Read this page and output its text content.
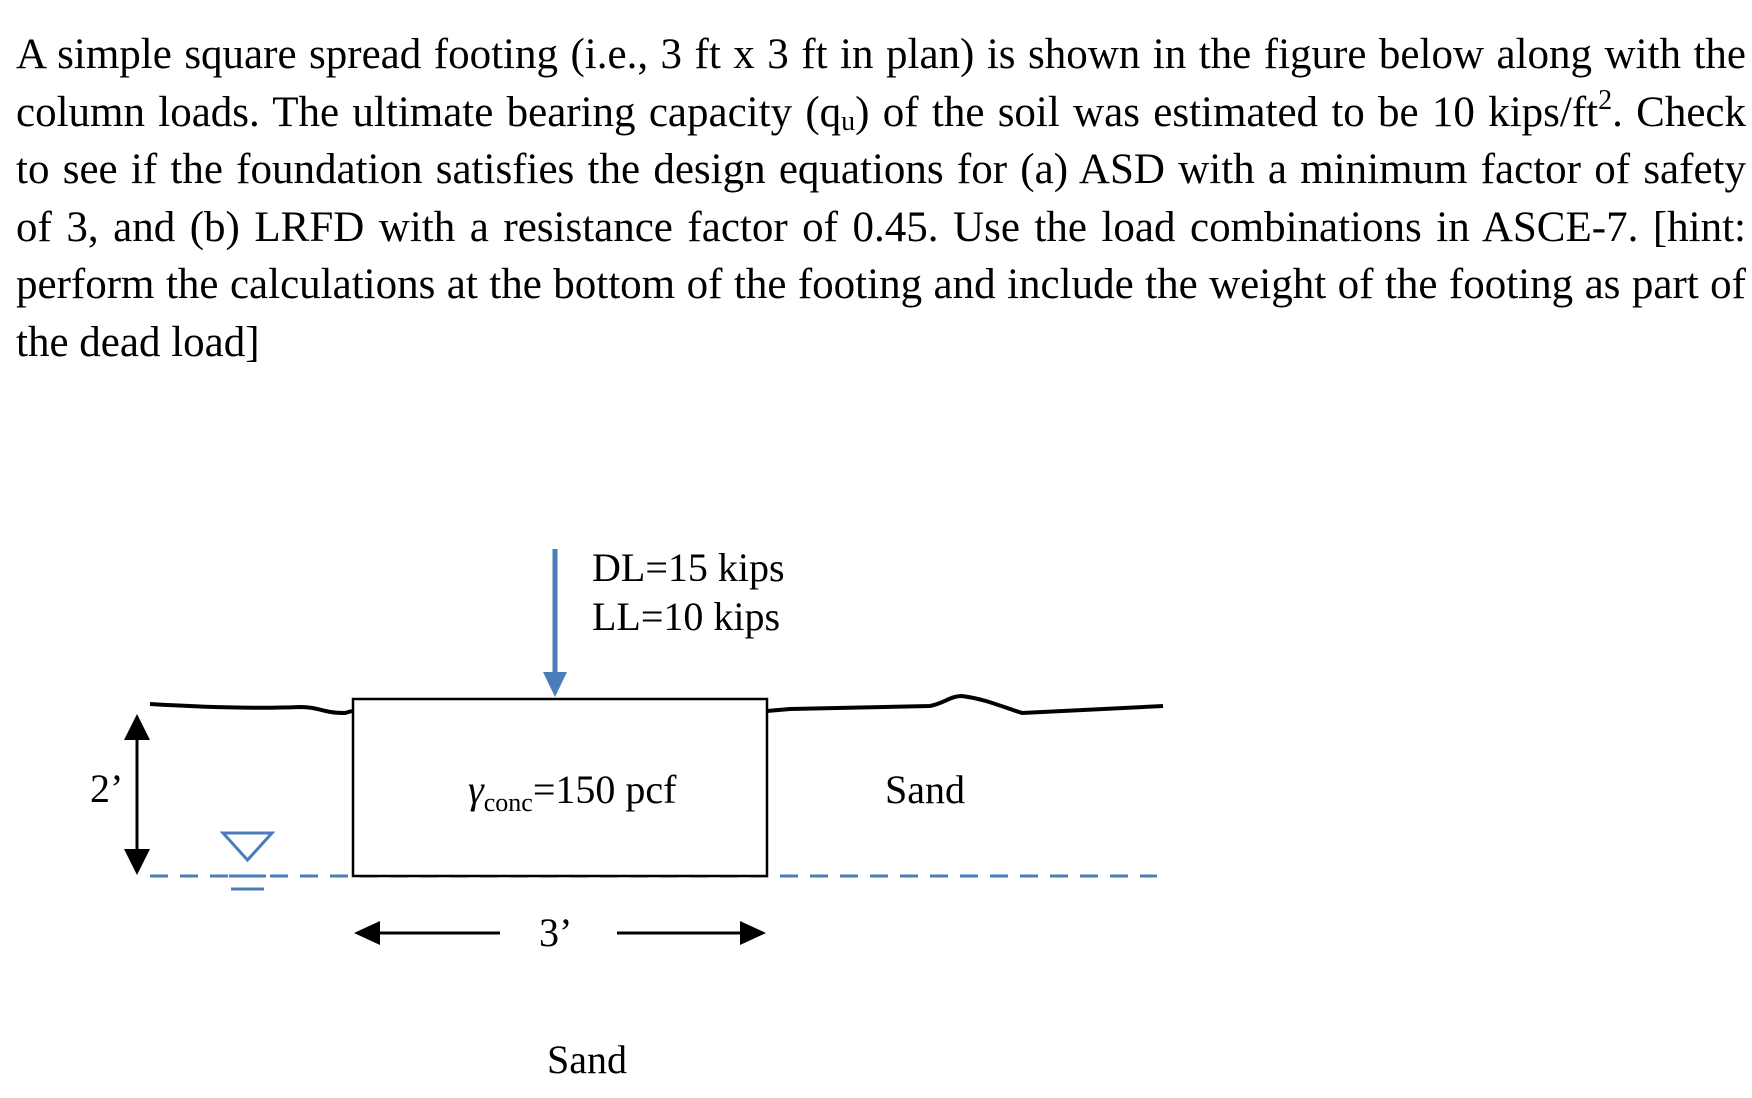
A simple square spread footing (i.e., 3 ft x 3 ft in plan) is shown in the figure below along with the column loads. The ultimate bearing capacity $(q_u)$ of the soil was estimated to be 10 kips/$ft^2$. Check to see if the foundation satisfies the design equations for (a) ASD with a minimum factor of safety of 3, and (b) LRFD with a resistance factor of 0.45. Use the load combinations in ASCE-7. [hint: perform the calculations at the bottom of the footing and include the weight of the footing as part of the dead load]

DL=15 kips
LL=10 kips
$\gamma_{conc}=150$ pcf	Sand
Sand
2’
3’
